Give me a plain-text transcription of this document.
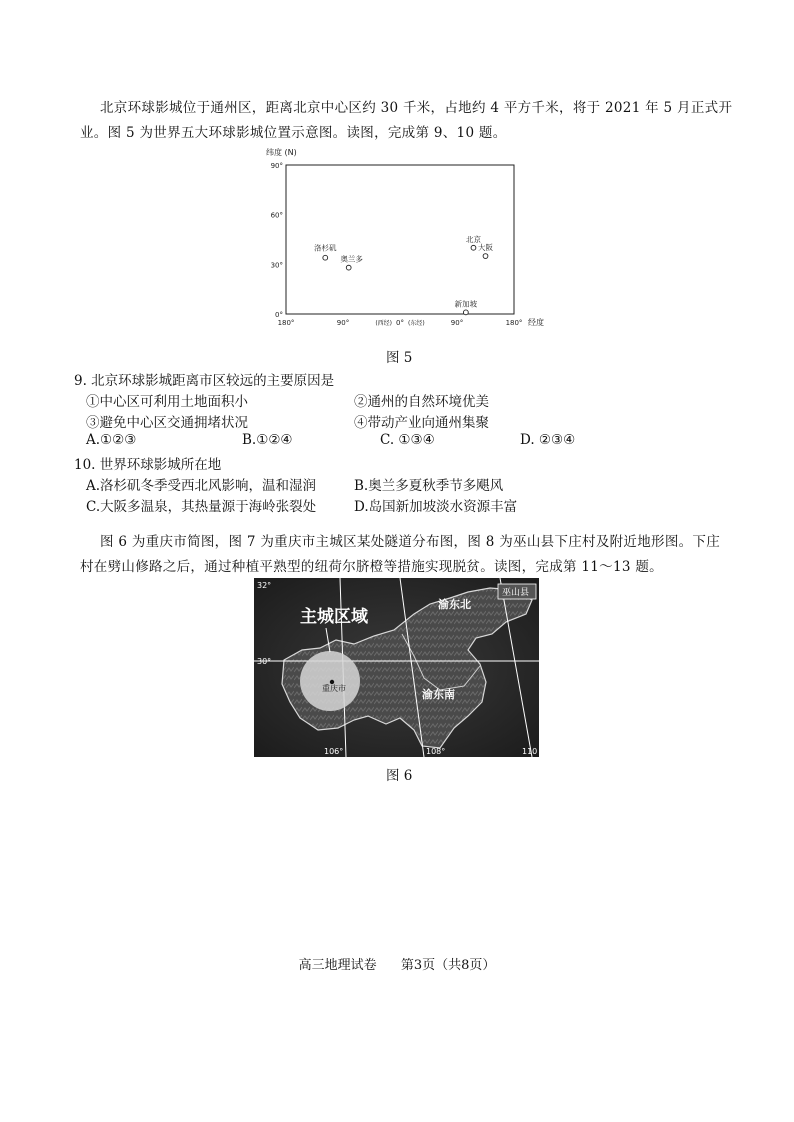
北京环球影城位于通州区，距离北京中心区约 30 千米，占地约 4 平方千米，将于 2021 年 5 月正式开

业。图 5 为世界五大环球影城位置示意图。读图，完成第 9、10 题。

纬度 (N)
0°
30°
60°
90°
180°	90°	0°	90°	180°
(西经)	(东经)	经度
洛杉矶
奥兰多
北京
大阪
新加坡
图 5
9. 北京环球影城距离市区较远的主要原因是
①中心区可利用土地面积小	②通州的自然环境优美
③避免中心区交通拥堵状况	④带动产业向通州集聚
A.①②③	B.①②④	C. ①③④	D. ②③④
10. 世界环球影城所在地
A.洛杉矶冬季受西北风影响，温和湿润	B.奥兰多夏秋季节多飓风
C.大阪多温泉，其热量源于海岭张裂处	D.岛国新加坡淡水资源丰富

图 6 为重庆市简图，图 7 为重庆市主城区某处隧道分布图，图 8 为巫山县下庄村及附近地形图。下庄

村在劈山修路之后，通过种植平熟型的纽荷尔脐橙等措施实现脱贫。读图，完成第 11～13 题。

主城区域
重庆市
渝东北
渝东南
巫山县
32°
30°
106°	108°	110
图 6
高三地理试卷 第3页（共8页）
